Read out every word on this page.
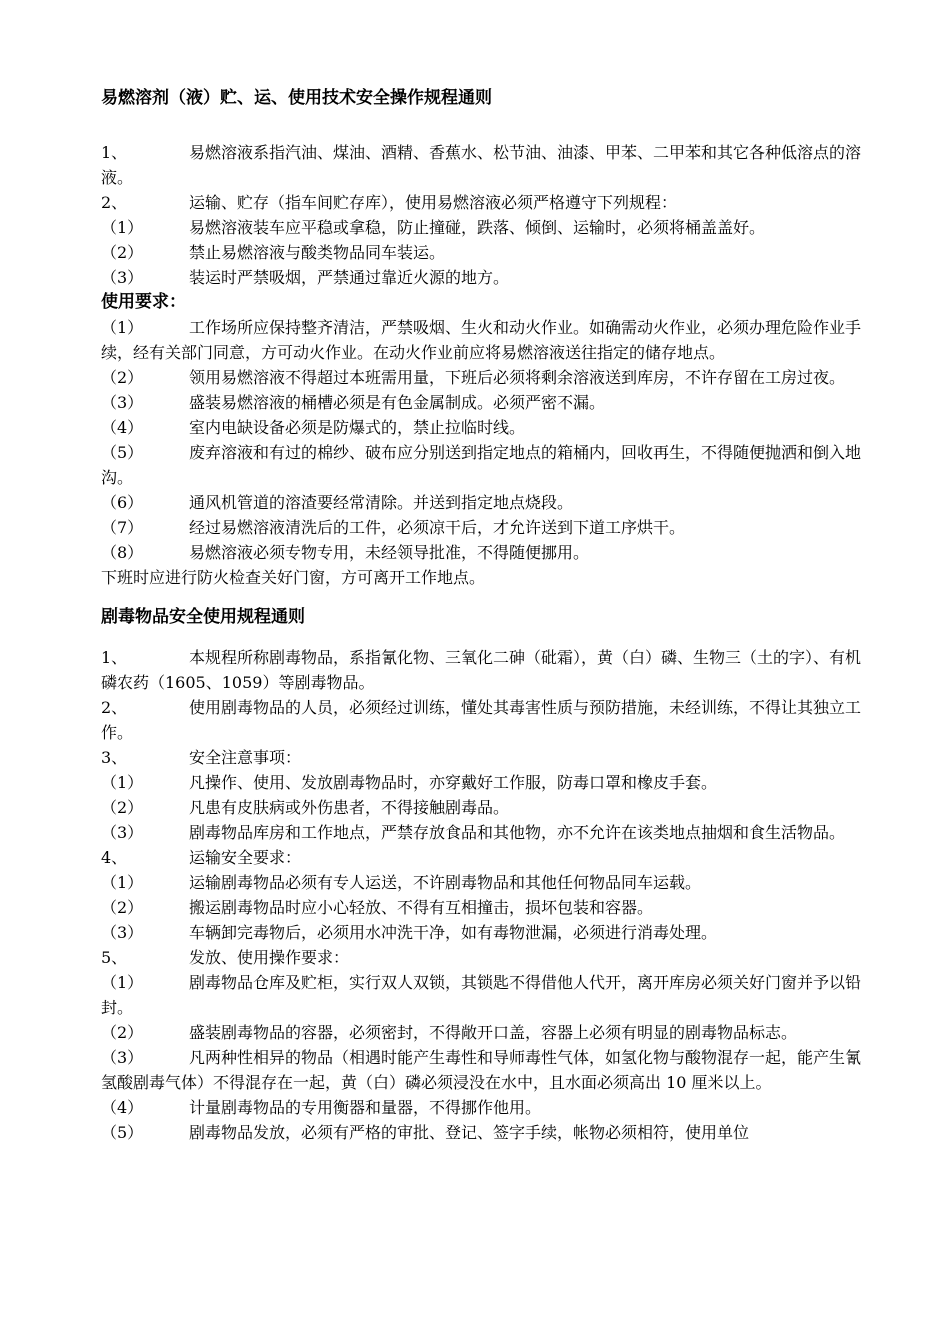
易燃溶剂（液）贮、运、使用技术安全操作规程通则
1、	易燃溶液系指汽油、煤油、酒精、香蕉水、松节油、油漆、甲苯、二甲苯和其它各种低溶点的溶液。
2、	运输、贮存（指车间贮存库），使用易燃溶液必须严格遵守下列规程：
（1）	易燃溶液装车应平稳或拿稳，防止撞碰，跌落、倾倒、运输时，必须将桶盖盖好。
（2）	禁止易燃溶液与酸类物品同车装运。
（3）	装运时严禁吸烟，严禁通过靠近火源的地方。
使用要求：
（1）	工作场所应保持整齐清洁，严禁吸烟、生火和动火作业。如确需动火作业，必须办理危险作业手续，经有关部门同意，方可动火作业。在动火作业前应将易燃溶液送往指定的储存地点。
（2）	领用易燃溶液不得超过本班需用量，下班后必须将剩余溶液送到库房，不许存留在工房过夜。
（3）	盛装易燃溶液的桶槽必须是有色金属制成。必须严密不漏。
（4）	室内电缺设备必须是防爆式的，禁止拉临时线。
（5）	废弃溶液和有过的棉纱、破布应分别送到指定地点的箱桶内，回收再生，不得随便抛洒和倒入地沟。
（6）	通风机管道的溶渣要经常清除。并送到指定地点烧段。
（7）	经过易燃溶液清洗后的工件，必须凉干后，才允许送到下道工序烘干。
（8）	易燃溶液必须专物专用，未经领导批准，不得随便挪用。
下班时应进行防火检查关好门窗，方可离开工作地点。
剧毒物品安全使用规程通则
1、	本规程所称剧毒物品，系指氰化物、三氧化二砷（砒霜），黄（白）磷、生物三（土的字）、有机磷农药（1605、1059）等剧毒物品。
2、	使用剧毒物品的人员，必须经过训练，懂处其毒害性质与预防措施，未经训练，不得让其独立工作。
3、	安全注意事项：
（1）	凡操作、使用、发放剧毒物品时，亦穿戴好工作服，防毒口罩和橡皮手套。
（2）	凡患有皮肤病或外伤患者，不得接触剧毒品。
（3）	剧毒物品库房和工作地点，严禁存放食品和其他物，亦不允许在该类地点抽烟和食生活物品。
4、	运输安全要求：
（1）	运输剧毒物品必须有专人运送，不许剧毒物品和其他任何物品同车运载。
（2）	搬运剧毒物品时应小心轻放、不得有互相撞击，损坏包装和容器。
（3）	车辆卸完毒物后，必须用水冲洗干净，如有毒物泄漏，必须进行消毒处理。
5、	发放、使用操作要求：
（1）	剧毒物品仓库及贮柜，实行双人双锁，其锁匙不得借他人代开，离开库房必须关好门窗并予以铅封。
（2）	盛装剧毒物品的容器，必须密封，不得敞开口盖，容器上必须有明显的剧毒物品标志。
（3）	凡两种性相异的物品（相遇时能产生毒性和导师毒性气体，如氢化物与酸物混存一起，能产生氰氢酸剧毒气体）不得混存在一起，黄（白）磷必须浸没在水中，且水面必须高出 10 厘米以上。
（4）	计量剧毒物品的专用衡器和量器，不得挪作他用。
（5）	剧毒物品发放，必须有严格的审批、登记、签字手续，帐物必须相符，使用单位
